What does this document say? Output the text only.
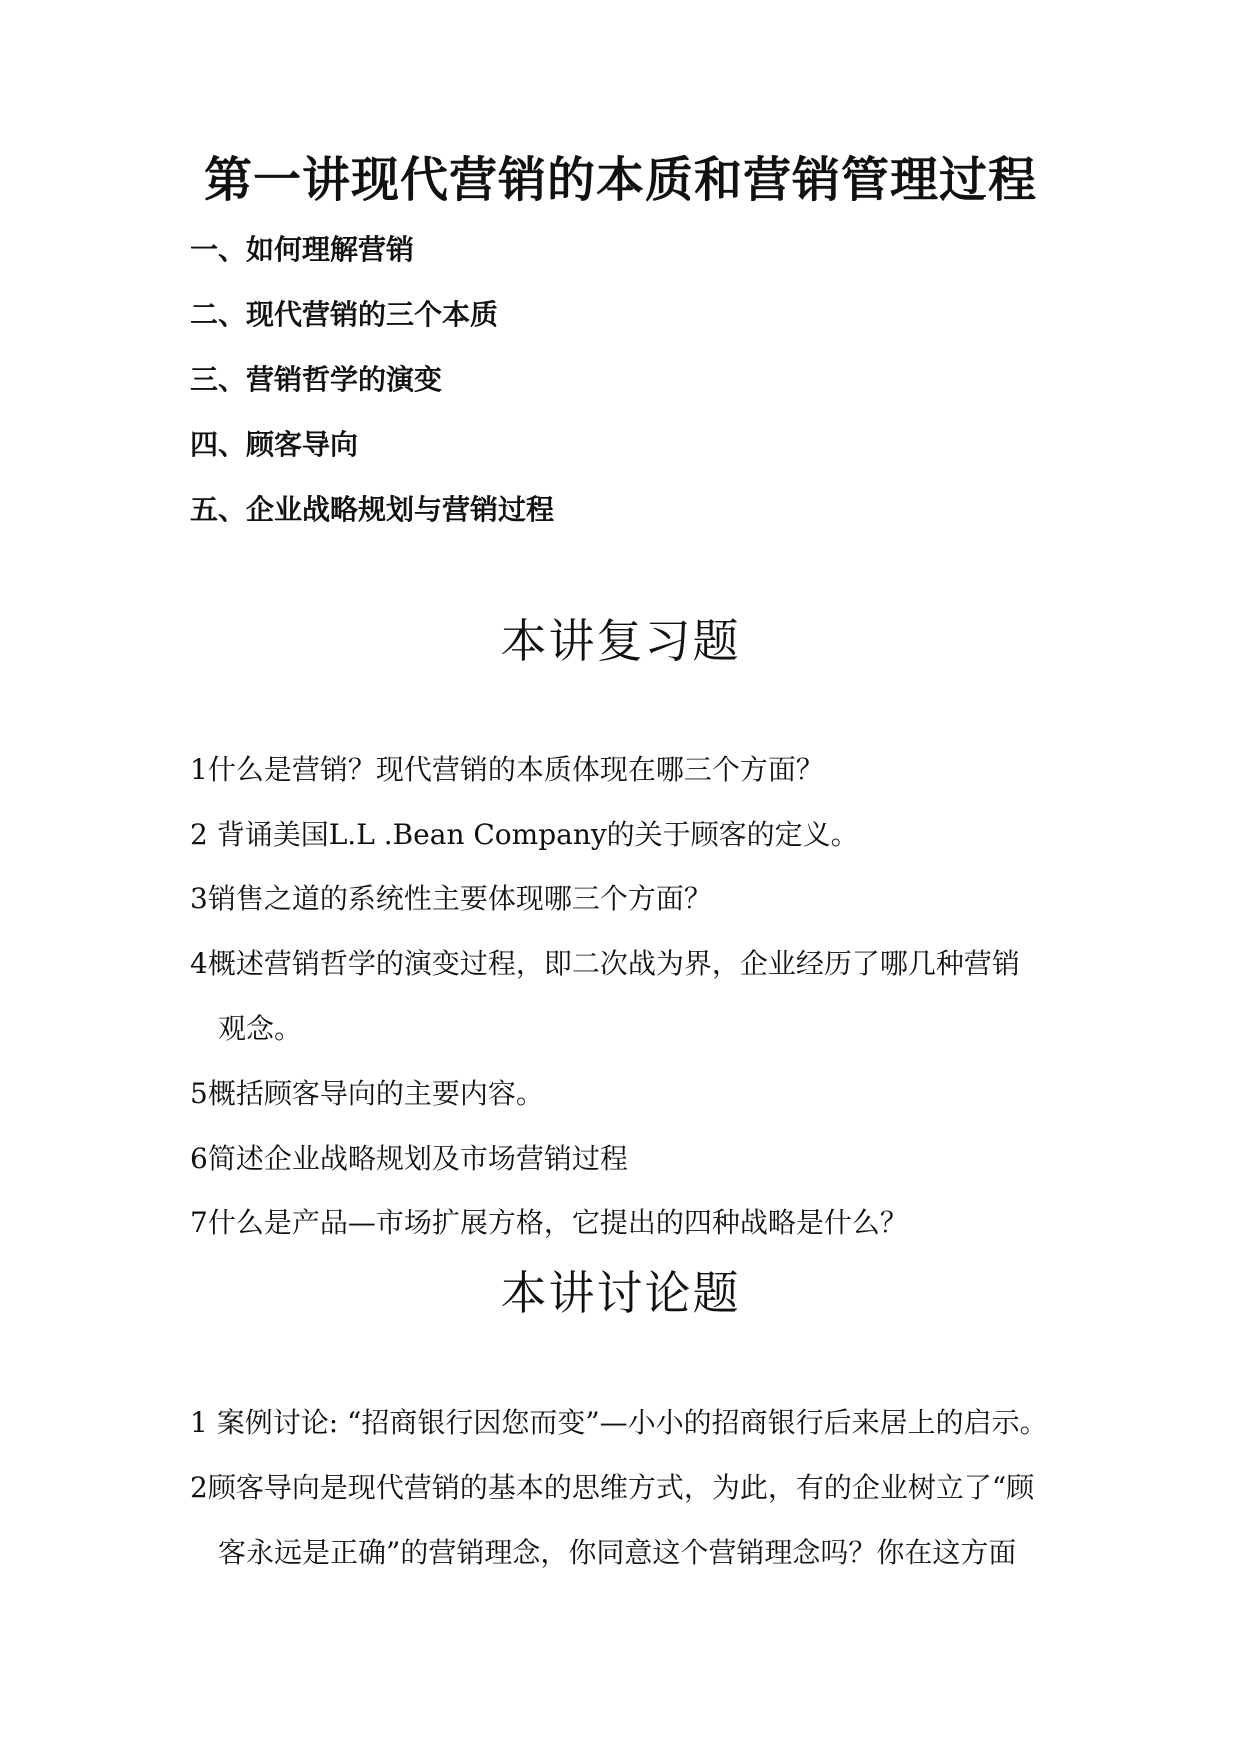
第一讲现代营销的本质和营销管理过程
一、如何理解营销
二、现代营销的三个本质
三、营销哲学的演变
四、顾客导向
五、企业战略规划与营销过程
本讲复习题
1什么是营销？现代营销的本质体现在哪三个方面？
2 背诵美国L.L .Bean Company的关于顾客的定义。
3销售之道的系统性主要体现哪三个方面？
4概述营销哲学的演变过程，即二次战为界，企业经历了哪几种营销
观念。
5概括顾客导向的主要内容。
6简述企业战略规划及市场营销过程
7什么是产品—市场扩展方格，它提出的四种战略是什么？
本讲讨论题
1 案例讨论: “招商银行因您而变”—小小的招商银行后来居上的启示。
2顾客导向是现代营销的基本的思维方式，为此，有的企业树立了“顾
客永远是正确”的营销理念，你同意这个营销理念吗？你在这方面
